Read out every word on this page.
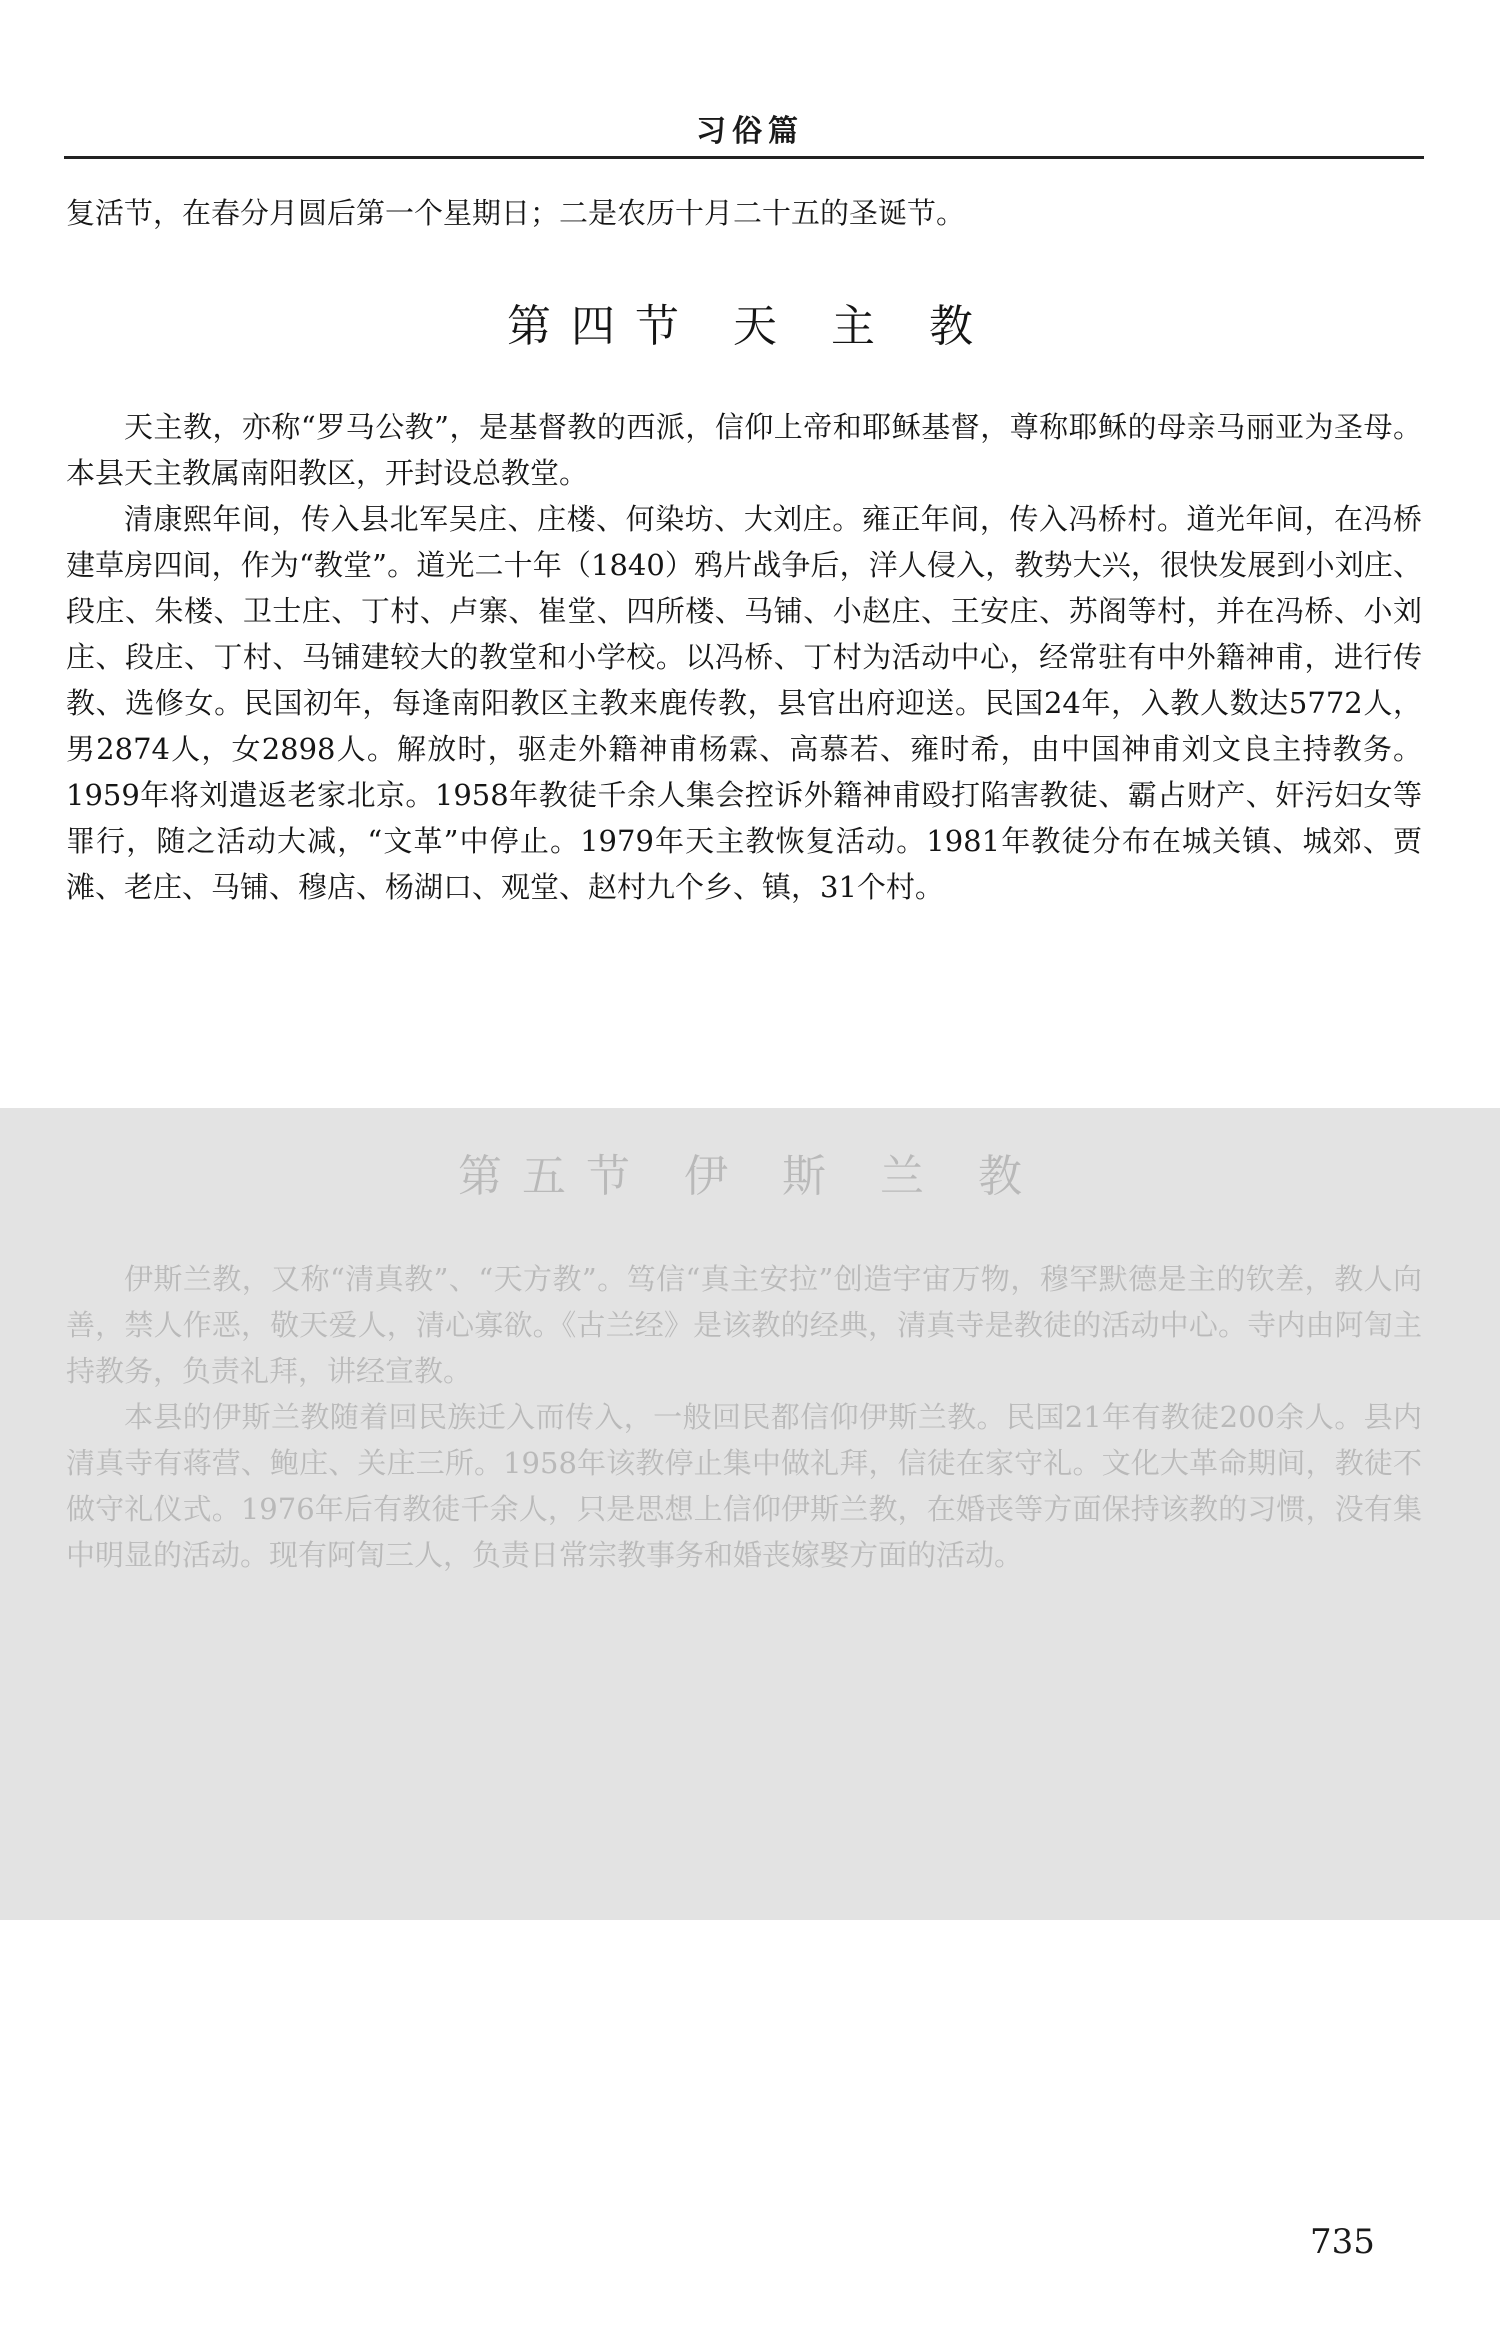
习俗篇

复活节，在春分月圆后第一个星期日；二是农历十月二十五的圣诞节。

第四节 天 主 教

天主教，亦称“罗马公教”，是基督教的西派，信仰上帝和耶稣基督，尊称耶稣的母亲马丽亚为圣母。本县天主教属南阳教区，开封设总教堂。

清康熙年间，传入县北军吴庄、庄楼、何染坊、大刘庄。雍正年间，传入冯桥村。道光年间，在冯桥建草房四间，作为“教堂”。道光二十年（1840）鸦片战争后，洋人侵入，教势大兴，很快发展到小刘庄、段庄、朱楼、卫士庄、丁村、卢寨、崔堂、四所楼、马铺、小赵庄、王安庄、苏阁等村，并在冯桥、小刘庄、段庄、丁村、马铺建较大的教堂和小学校。以冯桥、丁村为活动中心，经常驻有中外籍神甫，进行传教、选修女。民国初年，每逢南阳教区主教来鹿传教，县官出府迎送。民国24年，入教人数达5772人，男2874人，女2898人。解放时，驱走外籍神甫杨霖、高慕若、雍时希，由中国神甫刘文良主持教务。1959年将刘遣返老家北京。1958年教徒千余人集会控诉外籍神甫殴打陷害教徒、霸占财产、奸污妇女等罪行，随之活动大减，“文革”中停止。1979年天主教恢复活动。1981年教徒分布在城关镇、城郊、贾滩、老庄、马铺、穆店、杨湖口、观堂、赵村九个乡、镇，31个村。

第五节 伊 斯 兰 教

伊斯兰教，又称“清真教”、“天方教”。笃信“真主安拉”创造宇宙万物，穆罕默德是主的钦差，教人向善，禁人作恶，敬天爱人，清心寡欲。《古兰经》是该教的经典，清真寺是教徒的活动中心。寺内由阿訇主持教务，负责礼拜，讲经宣教。

本县的伊斯兰教随着回民族迁入而传入，一般回民都信仰伊斯兰教。民国21年有教徒200余人。县内清真寺有蒋营、鲍庄、关庄三所。1958年该教停止集中做礼拜，信徒在家守礼。文化大革命期间，教徒不做守礼仪式。1976年后有教徒千余人，只是思想上信仰伊斯兰教，在婚丧等方面保持该教的习惯，没有集中明显的活动。现有阿訇三人，负责日常宗教事务和婚丧嫁娶方面的活动。

735
